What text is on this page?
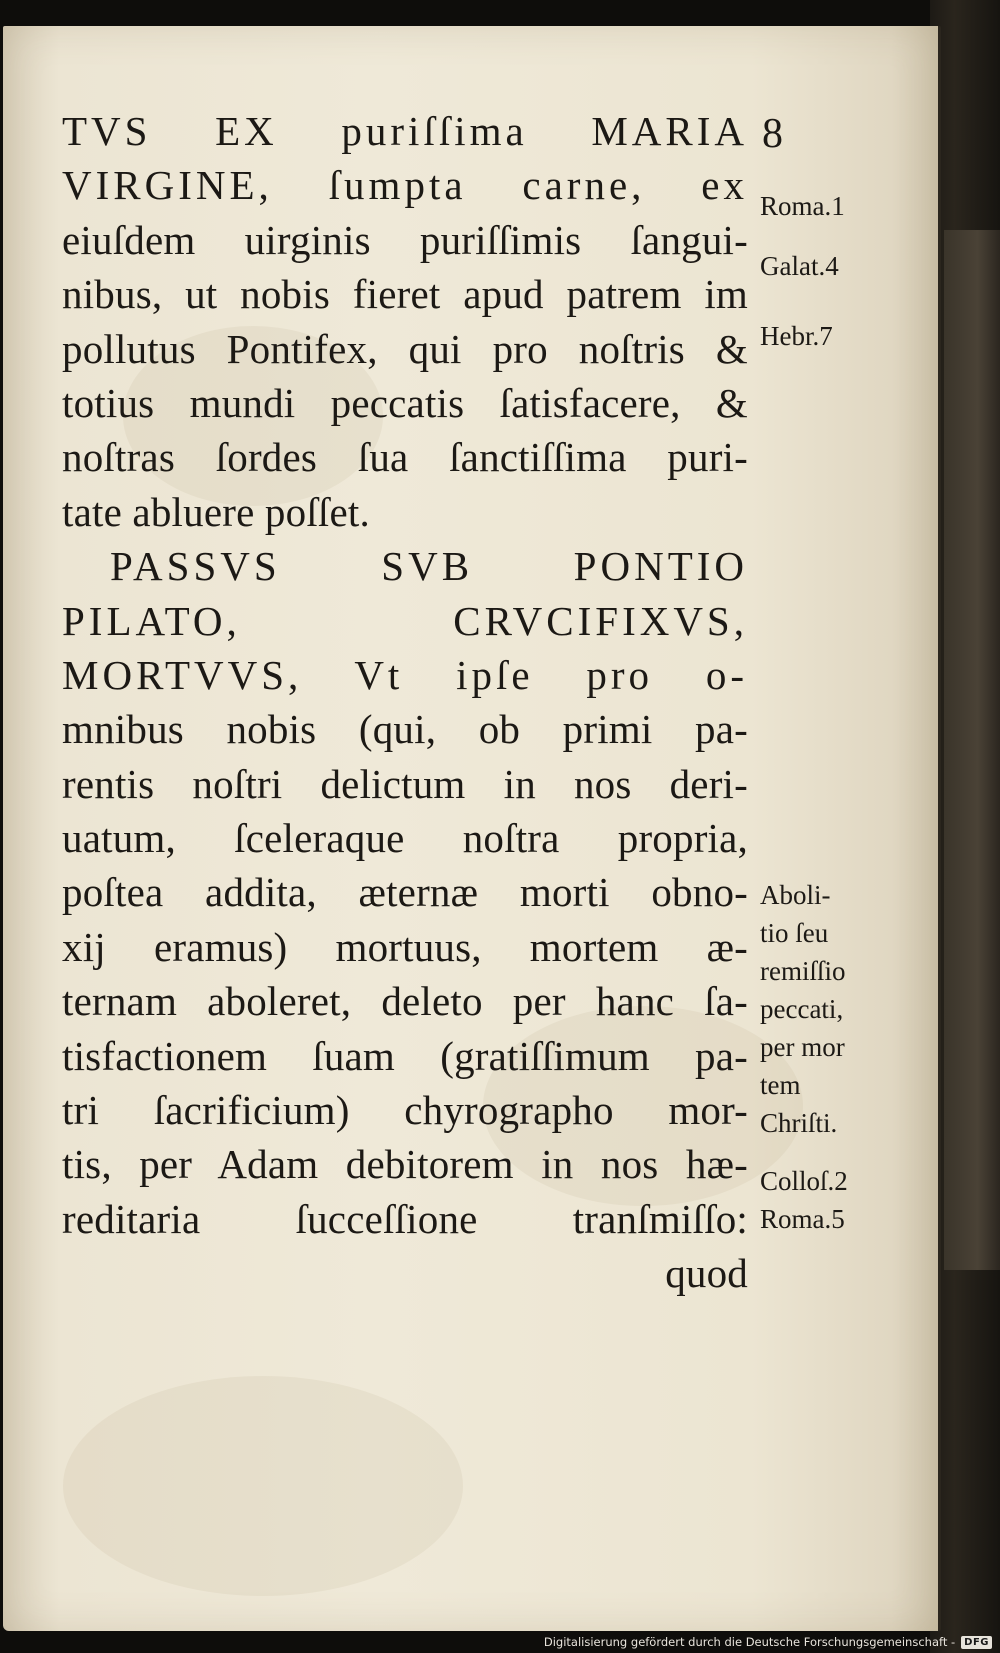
8
TVS EX puriſſima MARIA
VIRGINE, ſumpta carne, ex
eiuſdem uirginis puriſſimis ſangui-
nibus, ut nobis fieret apud patrem im
pollutus Pontifex, qui pro noſtris &
totius mundi peccatis ſatisfacere, &
noſtras ſordes ſua ſanctiſſima puri-
tate abluere poſſet.
PASSVS SVB PONTIO
PILATO, CRVCIFIXVS,
MORTVVS, Vt ipſe pro o-
mnibus nobis (qui, ob primi pa-
rentis noſtri delictum in nos deri-
uatum, ſceleraque noſtra propria,
poſtea addita, æternæ morti obno-
xij eramus) mortuus, mortem æ-
ternam aboleret, deleto per hanc ſa-
tisfactionem ſuam (gratiſſimum pa-
tri ſacrificium) chyrographo mor-
tis, per Adam debitorem in nos hæ-
reditaria ſucceſſione tranſmiſſo:
quod
Roma.1
Galat.4
Hebr.7
Aboli-
tio ſeu
remiſſio
peccati,
per mor
tem
Chriſti.
Colloſ.2
Roma.5
Digitalisierung gefördert durch die Deutsche Forschungsgemeinschaft - DFG
